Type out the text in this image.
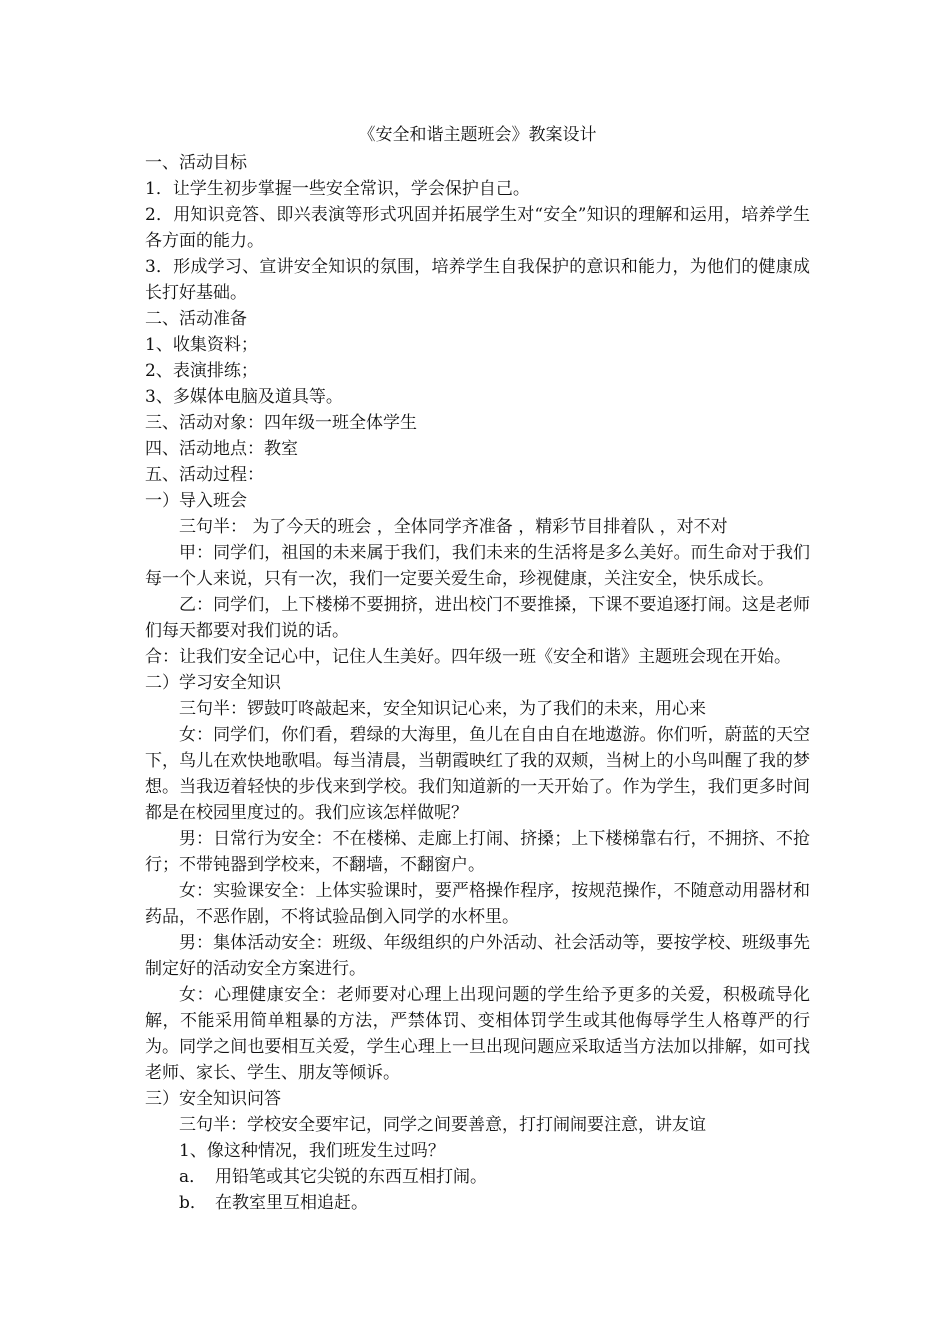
《安全和谐主题班会》教案设计

一、活动目标

1．让学生初步掌握一些安全常识，学会保护自己。

2．用知识竞答、即兴表演等形式巩固并拓展学生对“安全”知识的理解和运用，培养学生各方面的能力。

3．形成学习、宣讲安全知识的氛围，培养学生自我保护的意识和能力，为他们的健康成长打好基础。

二、活动准备

1、收集资料；

2、表演排练；

3、多媒体电脑及道具等。

三、活动对象：四年级一班全体学生

四、活动地点：教室

五、活动过程：

一）导入班会

三句半： 为了今天的班会 ，全体同学齐准备 ，精彩节目排着队 ，对不对

甲：同学们，祖国的未来属于我们，我们未来的生活将是多么美好。而生命对于我们每一个人来说，只有一次，我们一定要关爱生命，珍视健康，关注安全，快乐成长。

乙：同学们，上下楼梯不要拥挤，进出校门不要推搡，下课不要追逐打闹。这是老师们每天都要对我们说的话。

合：让我们安全记心中，记住人生美好。四年级一班《安全和谐》主题班会现在开始。

二）学习安全知识

三句半：锣鼓叮咚敲起来，安全知识记心来，为了我们的未来，用心来

女：同学们，你们看，碧绿的大海里，鱼儿在自由自在地遨游。你们听，蔚蓝的天空下，鸟儿在欢快地歌唱。每当清晨，当朝霞映红了我的双颊，当树上的小鸟叫醒了我的梦想。当我迈着轻快的步伐来到学校。我们知道新的一天开始了。作为学生，我们更多时间都是在校园里度过的。我们应该怎样做呢？

男：日常行为安全：不在楼梯、走廊上打闹、挤搡；上下楼梯靠右行，不拥挤、不抢行；不带钝器到学校来，不翻墙，不翻窗户。

女：实验课安全：上体实验课时，要严格操作程序，按规范操作，不随意动用器材和药品，不恶作剧，不将试验品倒入同学的水杯里。

男：集体活动安全：班级、年级组织的户外活动、社会活动等，要按学校、班级事先制定好的活动安全方案进行。

女：心理健康安全：老师要对心理上出现问题的学生给予更多的关爱，积极疏导化解，不能采用简单粗暴的方法，严禁体罚、变相体罚学生或其他侮辱学生人格尊严的行为。同学之间也要相互关爱，学生心理上一旦出现问题应采取适当方法加以排解，如可找老师、家长、学生、朋友等倾诉。

三）安全知识问答

三句半：学校安全要牢记，同学之间要善意，打打闹闹要注意，讲友谊

1、像这种情况，我们班发生过吗？

a． 用铅笔或其它尖锐的东西互相打闹。

b． 在教室里互相追赶。
